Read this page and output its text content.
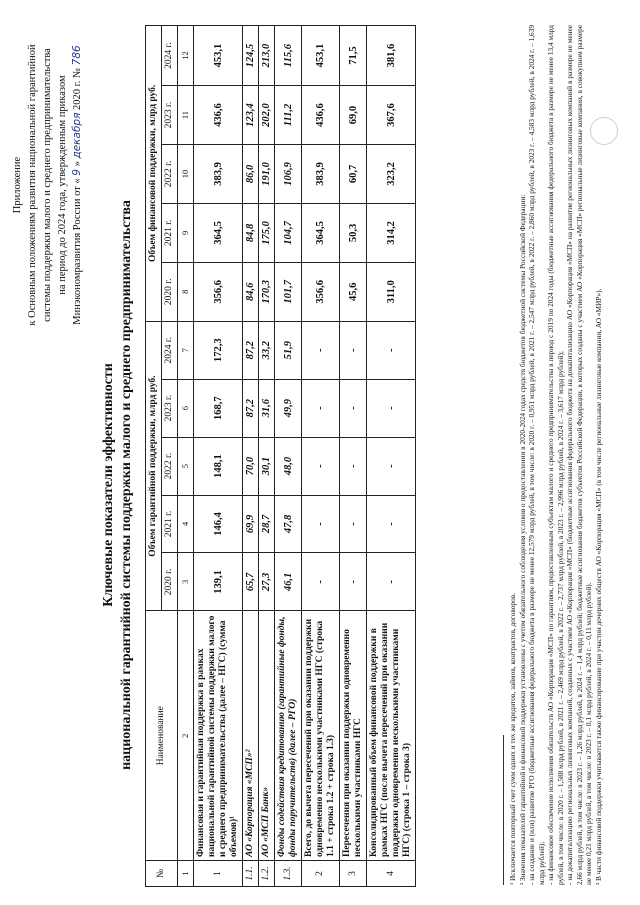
Приложение к Основным положениям развития национальной гарантийной системы поддержки малого и среднего предпринимательства на период до 2024 года, утвержденным приказом Минэкономразвития России от « 9 » декабря 2020 г. № 786
Ключевые показатели эффективности национальной гарантийной системы поддержки малого и среднего предпринимательства
№	Наименование	Объем гарантийной поддержки, млрд руб.					Объем финансовой поддержки, млрд руб.				
		2020 г.	2021 г.	2022 г.	2023 г.	2024 г.	2020 г.	2021 г.	2022 г.	2023 г.	2024 г.
1	2	3	4	5	6	7	8	9	10	11	12
1	Финансовая и гарантийная поддержка в рамках национальной гарантийной системы поддержки малого и среднего предпринимательства (далее – НГС) (сумма объемов)¹	139,1	146,4	148,1	168,7	172,3	356,6	364,5	383,9	436,6	453,1
1.1.	АО «Корпорация «МСП»²	65,7	69,9	70,0	87,2	87,2	84,6	84,8	86,0	123,4	124,5
1.2.	АО «МСП Банк»	27,3	28,7	30,1	31,6	33,2	170,3	175,0	191,0	202,0	213,0
1.3.	Фонды содействия кредитованию (гарантийные фонды, фонды поручительств) (далее – РГО)	46,1	47,8	48,0	49,9	51,9	101,7	104,7	106,9	111,2	115,6
2	Всего, до вычета пересечений при оказании поддержки одновременно несколькими участниками НГС (строка 1.1 + строка 1.2 + строка 1.3)	-	-	-	-	-	356,6	364,5	383,9	436,6	453,1
3	Пересечения при оказании поддержки одновременно несколькими участниками НГС	-	-	-	-	-	45,6	50,3	60,7	69,0	71,5
4	Консолидированный объем финансовой поддержки в рамках НГС (после вычета пересечений при оказании поддержки одновременно несколькими участниками НГС) (строка 1 – строка 3)	-	-	-	-	-	311,0	314,2	323,2	367,6	381,6

¹ Исключается повторный счет сумм одних и тех же кредитов, займов, контрактов, договоров. ² Значения показателей гарантийной и финансовой поддержки установлены с учетом обязательного соблюдения условия о предоставлении в 2020-2024 годах средств бюджетов бюджетной системы Российской Федерации: - на создание и (или) развитие РГО (бюджетные ассигнования федерального бюджета в размере не менее 12,579 млрд рублей, в том числе: в 2020 г. – 0,951 млрд рублей, в 2021 г. – 2,547 млрд рублей, в 2022 г. – 2,860 млрд рублей, в 2023 г. – 4,583 млрд рублей, в 2024 г. – 1,639 млрд рублей); - на финансовое обеспечение исполнения обязательств АО «Корпорация «МСП» по гарантиям, предоставленным субъектам малого и среднего предпринимательства в период с 2019 по 2024 годы (бюджетные ассигнования федерального бюджета в размере не менее 13,4 млрд рублей, в том числе: в 2020 г. – 1,588 млрд рублей, в 2021 г. – 2,469 млрд рублей, в 2022 г. – 2,737 млрд рублей, в 2023 г. – 2,996 млрд рублей, в 2024 г. – 3,617 млрд рублей); - на докапитализацию региональных лизинговых компаний, созданных с участием АО «Корпорация «МСП» (бюджетные ассигнования федерального бюджета на докапитализацию АО «Корпорация «МСП» на развитие региональных лизинговых компаний в размере не менее 2,66 млрд рублей, в том числе: в 2023 г. – 1,26 млрд рублей, в 2024 г. – 1,4 млрд рублей; бюджетные ассигнования бюджетов субъектов Российской Федерации, в которых созданы с участием АО «Корпорация «МСП» региональные лизинговые компании, в совокупном размере не менее 0,21 млрд рублей, в том числе: в 2023 г. – 0,1 млрд рублей, в 2024 г. – 0,11 млрд рублей). ³ В части финансовой поддержки учитывается также финансирование при участии дочерних обществ АО «Корпорация «МСП» (в том числе региональные лизинговые компании, АО «МИР»).
